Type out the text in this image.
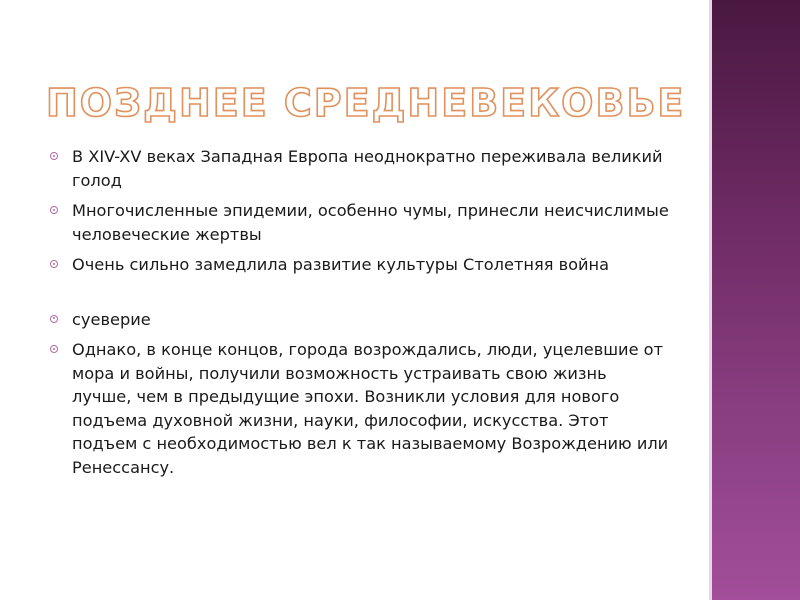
ПОЗДНЕЕ СРЕДНЕВЕКОВЬЕ
В XIV-XV веках Западная Европа неоднократно переживала великий голод
Многочисленные эпидемии, особенно чумы, принесли неисчислимые человеческие жертвы
Очень сильно замедлила развитие культуры Столетняя война
суеверие
Однако, в конце концов, города возрождались, люди, уцелевшие от мора и войны, получили возможность устраивать свою жизнь лучше, чем в предыдущие эпохи. Возникли условия для нового подъема духовной жизни, науки, философии, искусства. Этот подъем с необходимостью вел к так называемому Возрождению или Ренессансу.
